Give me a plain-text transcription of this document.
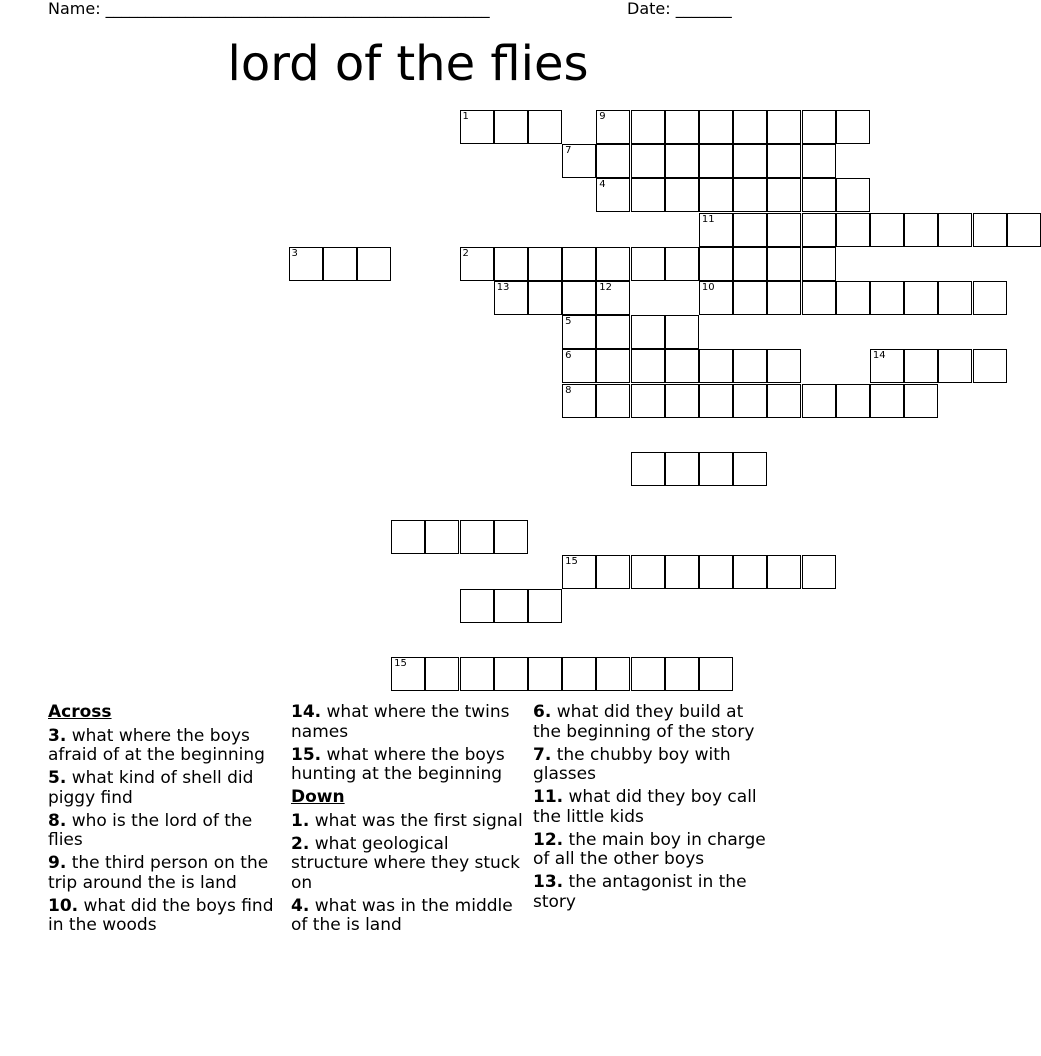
Name: ________________________________________________	Date: _______
lord of the flies
1	9
7
4
11
3	2
13	12	10
5
6	14
8
15
15
Across
3. what where the boys afraid of at the beginning
5. what kind of shell did piggy find
8. who is the lord of the flies
9. the third person on the trip around the is land
10. what did the boys find in the woods
14. what where the twins names
15. what where the boys hunting at the beginning
Down
1. what was the first signal
2. what geological structure where they stuck on
4. what was in the middle of the is land
6. what did they build at the beginning of the story
7. the chubby boy with glasses
11. what did they boy call the little kids
12. the main boy in charge of all the other boys
13. the antagonist in the story
